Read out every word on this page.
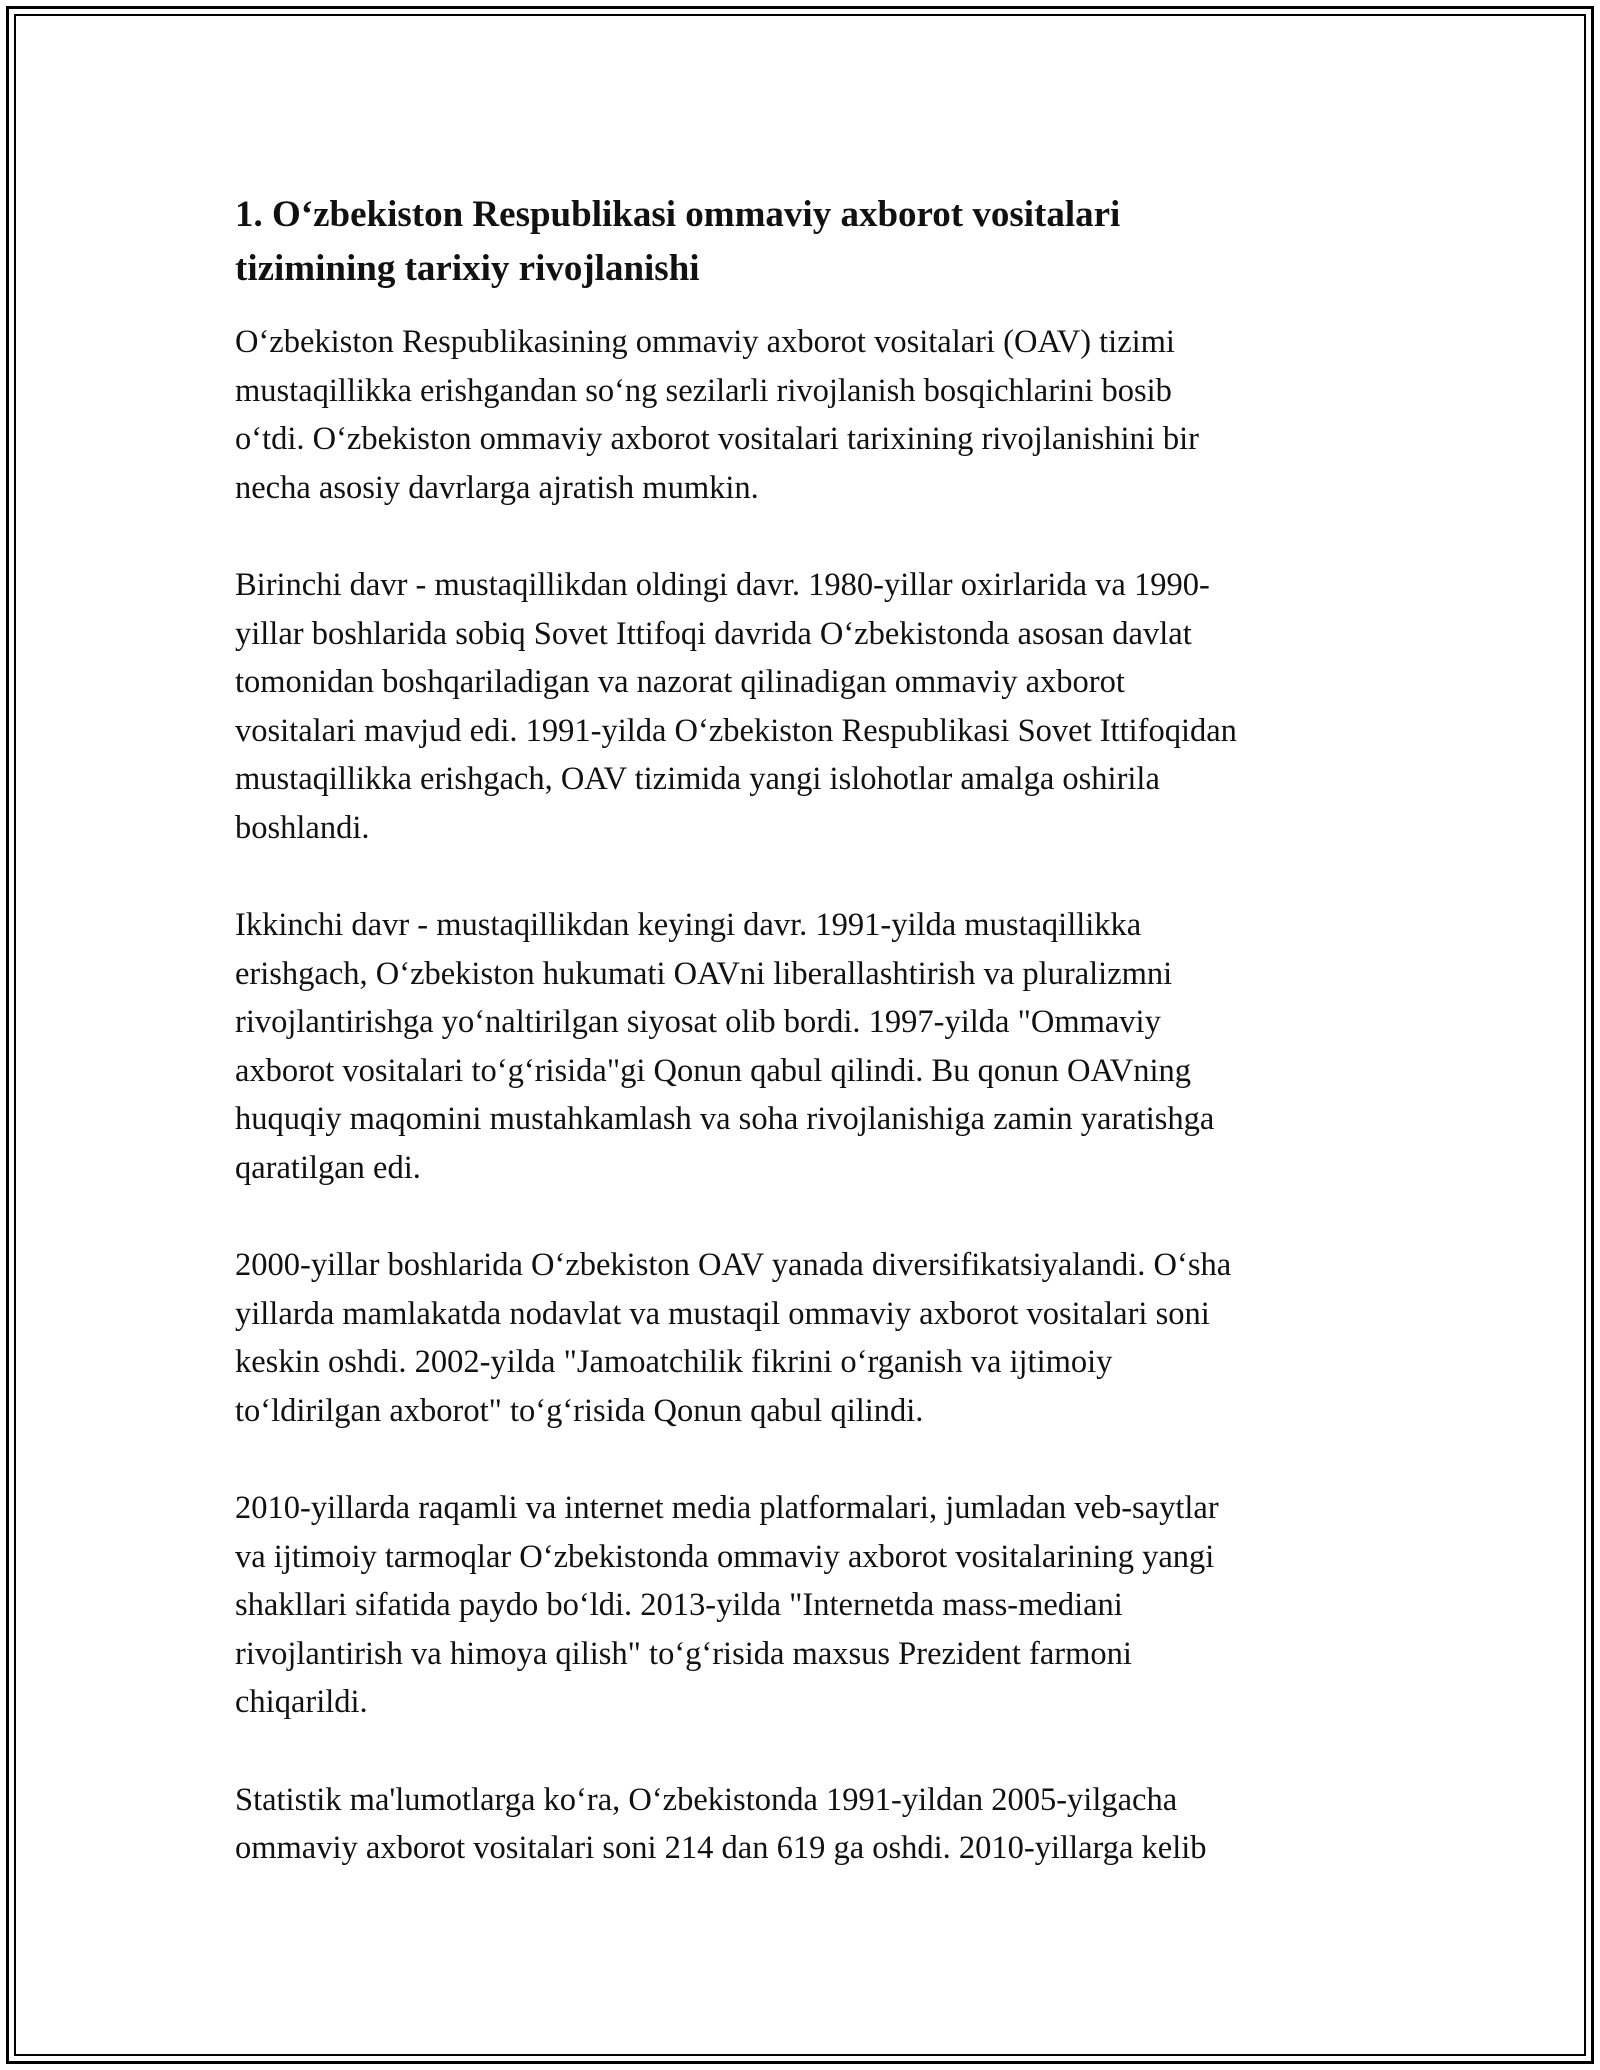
1. O‘zbekiston Respublikasi ommaviy axborot vositalari
tizimining tarixiy rivojlanishi
O‘zbekiston Respublikasining ommaviy axborot vositalari (OAV) tizimi
mustaqillikka erishgandan so‘ng sezilarli rivojlanish bosqichlarini bosib
o‘tdi. O‘zbekiston ommaviy axborot vositalari tarixining rivojlanishini bir
necha asosiy davrlarga ajratish mumkin.
Birinchi davr - mustaqillikdan oldingi davr. 1980-yillar oxirlarida va 1990-
yillar boshlarida sobiq Sovet Ittifoqi davrida O‘zbekistonda asosan davlat
tomonidan boshqariladigan va nazorat qilinadigan ommaviy axborot
vositalari mavjud edi. 1991-yilda O‘zbekiston Respublikasi Sovet Ittifoqidan
mustaqillikka erishgach, OAV tizimida yangi islohotlar amalga oshirila
boshlandi.
Ikkinchi davr - mustaqillikdan keyingi davr. 1991-yilda mustaqillikka
erishgach, O‘zbekiston hukumati OAVni liberallashtirish va pluralizmni
rivojlantirishga yo‘naltirilgan siyosat olib bordi. 1997-yilda "Ommaviy
axborot vositalari to‘g‘risida"gi Qonun qabul qilindi. Bu qonun OAVning
huquqiy maqomini mustahkamlash va soha rivojlanishiga zamin yaratishga
qaratilgan edi.
2000-yillar boshlarida O‘zbekiston OAV yanada diversifikatsiyalandi. O‘sha
yillarda mamlakatda nodavlat va mustaqil ommaviy axborot vositalari soni
keskin oshdi. 2002-yilda "Jamoatchilik fikrini o‘rganish va ijtimoiy
to‘ldirilgan axborot" to‘g‘risida Qonun qabul qilindi.
2010-yillarda raqamli va internet media platformalari, jumladan veb-saytlar
va ijtimoiy tarmoqlar O‘zbekistonda ommaviy axborot vositalarining yangi
shakllari sifatida paydo bo‘ldi. 2013-yilda "Internetda mass-mediani
rivojlantirish va himoya qilish" to‘g‘risida maxsus Prezident farmoni
chiqarildi.
Statistik ma'lumotlarga ko‘ra, O‘zbekistonda 1991-yildan 2005-yilgacha
ommaviy axborot vositalari soni 214 dan 619 ga oshdi. 2010-yillarga kelib
